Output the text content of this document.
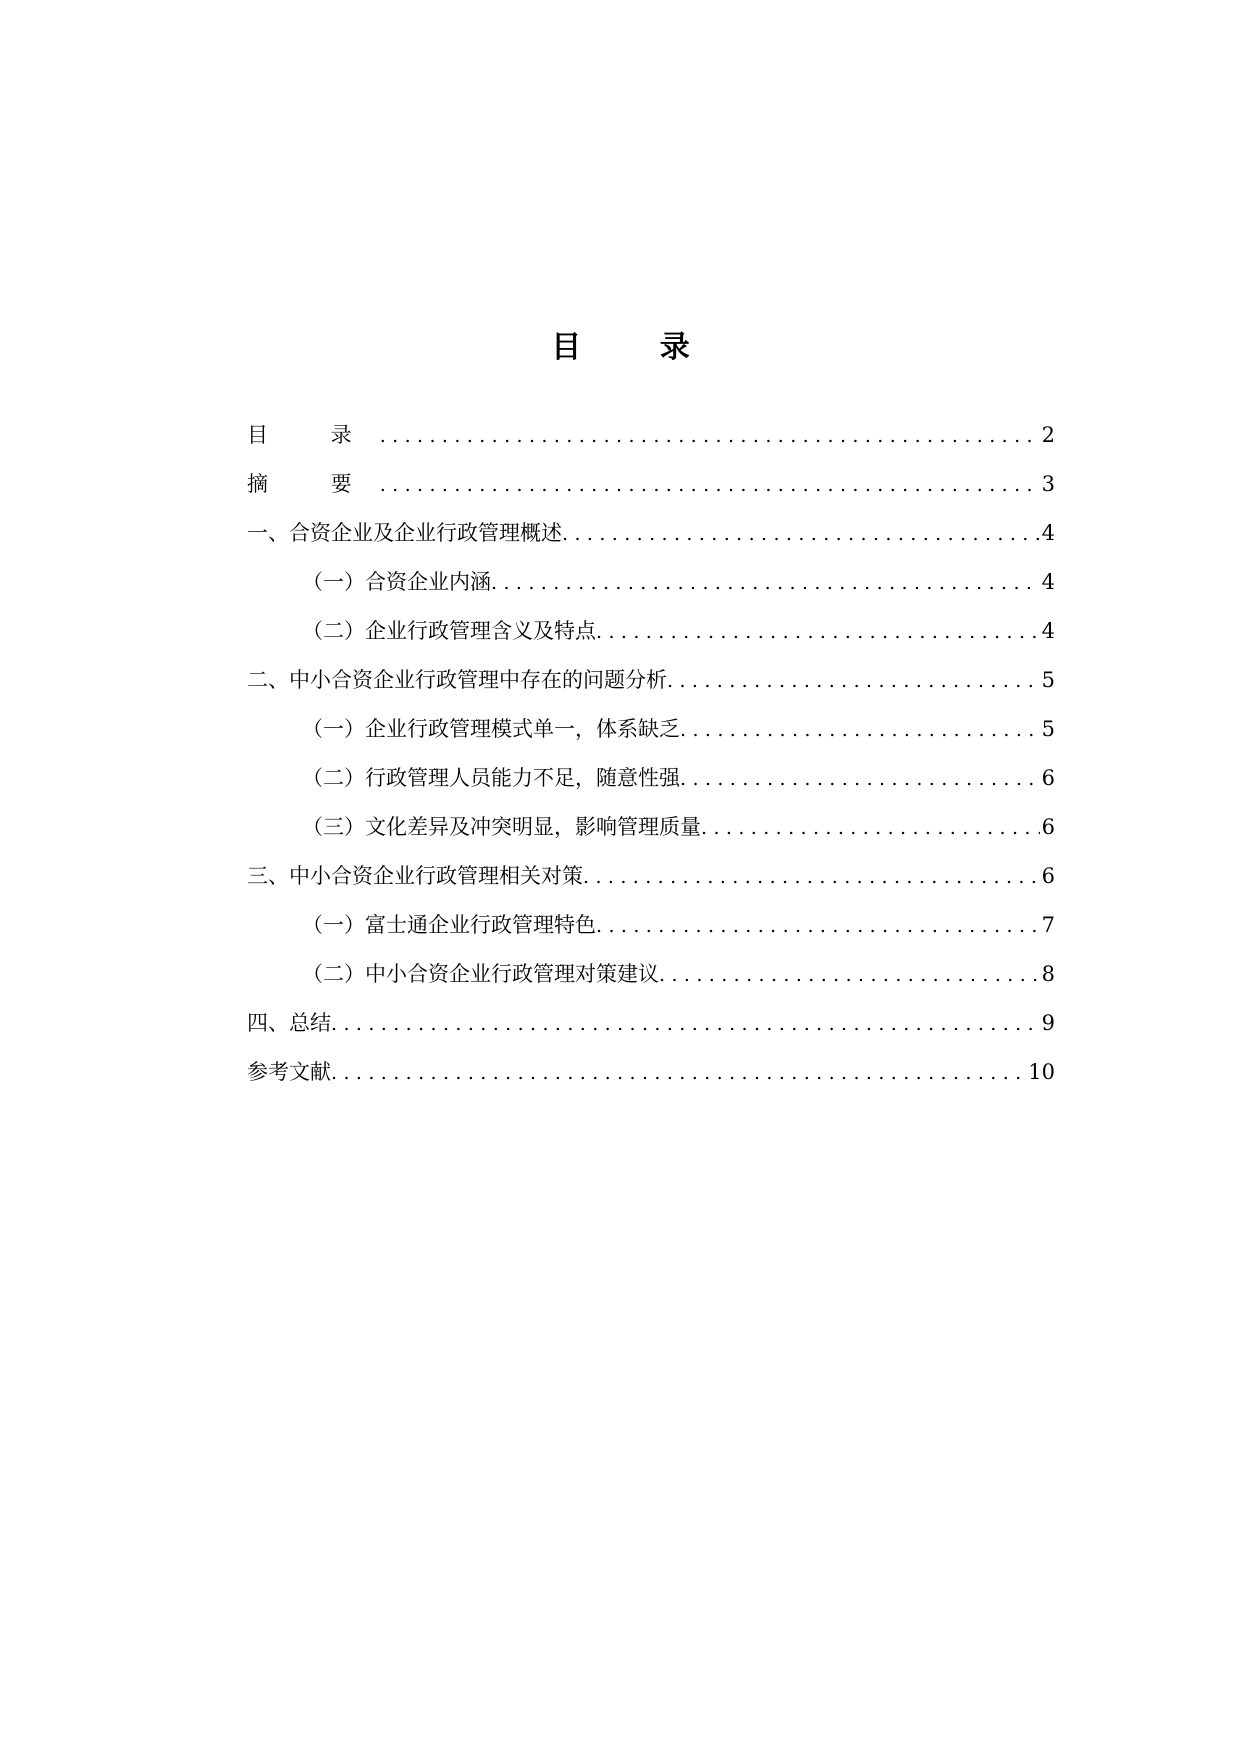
目 录
目 录 .....	2
摘 要 .....	3
一、合资企业及企业行政管理概述 .....	4
（一）合资企业内涵 .....	4
（二）企业行政管理含义及特点 .....	4
二、中小合资企业行政管理中存在的问题分析 .....	5
（一）企业行政管理模式单一，体系缺乏 .....	5
（二）行政管理人员能力不足，随意性强 .....	6
（三）文化差异及冲突明显，影响管理质量 .....	6
三、中小合资企业行政管理相关对策 .....	6
（一）富士通企业行政管理特色 .....	7
（二）中小合资企业行政管理对策建议 .....	8
四、总结 .....	9
参考文献 .....	10
